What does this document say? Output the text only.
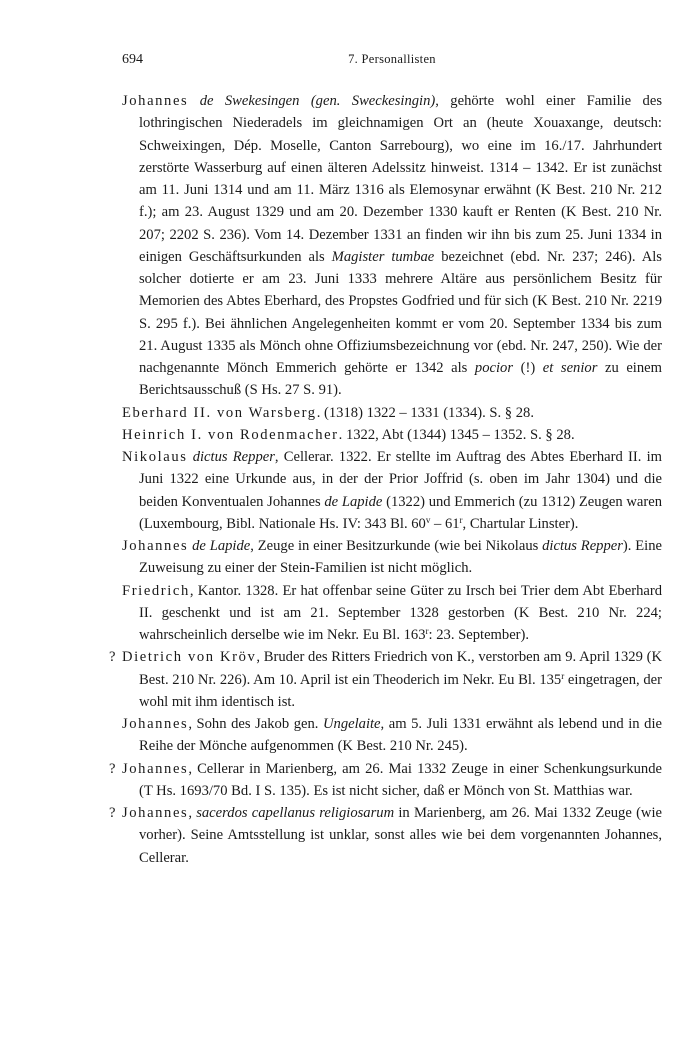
694	7. Personallisten

Johannes de Swekesingen (gen. Sweckesingin), gehörte wohl einer Familie des lothringischen Niederadels im gleichnamigen Ort an (heute Xouaxange, deutsch: Schweixingen, Dép. Moselle, Canton Sarrebourg), wo eine im 16./17. Jahrhundert zerstörte Wasserburg auf einen älteren Adelssitz hinweist. 1314 – 1342. Er ist zunächst am 11. Juni 1314 und am 11. März 1316 als Elemosynar erwähnt (K Best. 210 Nr. 212 f.); am 23. August 1329 und am 20. Dezember 1330 kauft er Renten (K Best. 210 Nr. 207; 2202 S. 236). Vom 14. Dezember 1331 an finden wir ihn bis zum 25. Juni 1334 in einigen Geschäftsurkunden als Magister tumbae bezeichnet (ebd. Nr. 237; 246). Als solcher dotierte er am 23. Juni 1333 mehrere Altäre aus persönlichem Besitz für Memorien des Abtes Eberhard, des Propstes Godfried und für sich (K Best. 210 Nr. 2219 S. 295 f.). Bei ähnlichen Angelegenheiten kommt er vom 20. September 1334 bis zum 21. August 1335 als Mönch ohne Offiziumsbezeichnung vor (ebd. Nr. 247, 250). Wie der nachgenannte Mönch Emmerich gehörte er 1342 als pocior (!) et senior zu einem Berichtsausschuß (S Hs. 27 S. 91).

Eberhard II. von Warsberg. (1318) 1322 – 1331 (1334). S. § 28.

Heinrich I. von Rodenmacher. 1322, Abt (1344) 1345 – 1352. S. § 28.

Nikolaus dictus Repper, Cellerar. 1322. Er stellte im Auftrag des Abtes Eberhard II. im Juni 1322 eine Urkunde aus, in der der Prior Joffrid (s. oben im Jahr 1304) und die beiden Konventualen Johannes de Lapide (1322) und Emmerich (zu 1312) Zeugen waren (Luxembourg, Bibl. Nationale Hs. IV: 343 Bl. 60$^v$ – 61$^r$, Chartular Linster).

Johannes de Lapide, Zeuge in einer Besitzurkunde (wie bei Nikolaus dictus Repper). Eine Zuweisung zu einer der Stein-Familien ist nicht möglich.

Friedrich, Kantor. 1328. Er hat offenbar seine Güter zu Irsch bei Trier dem Abt Eberhard II. geschenkt und ist am 21. September 1328 gestorben (K Best. 210 Nr. 224; wahrscheinlich derselbe wie im Nekr. Eu Bl. 163$^r$: 23. September).

? Dietrich von Kröv, Bruder des Ritters Friedrich von K., verstorben am 9. April 1329 (K Best. 210 Nr. 226). Am 10. April ist ein Theoderich im Nekr. Eu Bl. 135$^r$ eingetragen, der wohl mit ihm identisch ist.

Johannes, Sohn des Jakob gen. Ungelaite, am 5. Juli 1331 erwähnt als lebend und in die Reihe der Mönche aufgenommen (K Best. 210 Nr. 245).

? Johannes, Cellerar in Marienberg, am 26. Mai 1332 Zeuge in einer Schenkungsurkunde (T Hs. 1693/70 Bd. I S. 135). Es ist nicht sicher, daß er Mönch von St. Matthias war.

? Johannes, sacerdos capellanus religiosarum in Marienberg, am 26. Mai 1332 Zeuge (wie vorher). Seine Amtsstellung ist unklar, sonst alles wie bei dem vorgenannten Johannes, Cellerar.
